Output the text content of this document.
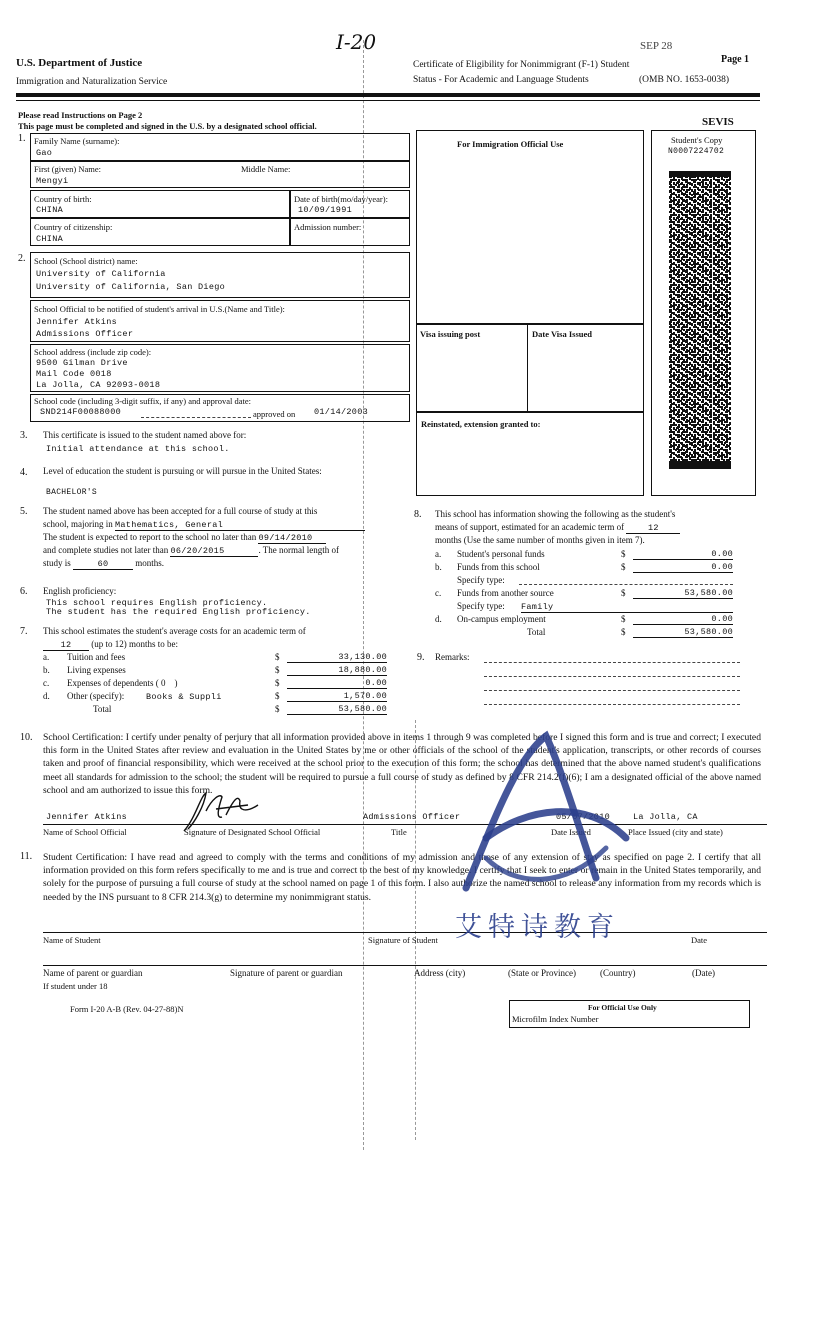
I-20	SEP 28
U.S. Department of Justice
Immigration and Naturalization Service
Certificate of Eligibility for Nonimmigrant (F-1) Student
Status - For Academic and Language Students	(OMB NO. 1653-0038)
Page 1
Please read Instructions on Page 2
This page must be completed and signed in the U.S. by a designated school official.	SEVIS
1. Family Name (surname):
Gao
First (given) Name:	Middle Name:
Mengyi
Country of birth:
CHINA
Date of birth(mo/day/year):
10/09/1991
Country of citizenship:
CHINA
Admission number:
2. School (School district) name:
University of California
University of California, San Diego
School Official to be notified of student's arrival in U.S.(Name and Title):
Jennifer Atkins
Admissions Officer
School address (include zip code):
9500 Gilman Drive
Mail Code 0018
La Jolla, CA 92093-0018
School code (including 3-digit suffix, if any) and approval date:
SND214F00088000	approved on 01/14/2003
For Immigration Official Use
Visa issuing post	Date Visa Issued
Reinstated, extension granted to:
Student's Copy
N0007224702
3. This certificate is issued to the student named above for:
Initial attendance at this school.
4. Level of education the student is pursuing or will pursue in the United States:
BACHELOR'S
5. The student named above has been accepted for a full course of study at this
school, majoring in Mathematics, General
The student is expected to report to the school no later than 09/14/2010
and complete studies not later than 06/20/2015	. The normal length of
study is	60	months.
6. English proficiency:
This school requires English proficiency.
The student has the required English proficiency.
7. This school estimates the student's average costs for an academic term of
12 (up to 12) months to be:
a. Tuition and fees	$	33,130.00
b. Living expenses	$	18,880.00
c. Expenses of dependents ( 0    )	$	0.00
d. Other (specify):	Books & Suppli	$	1,570.00
Total	$	53,580.00
8. This school has information showing the following as the student's
means of support, estimated for an academic term of	12
months (Use the same number of months given in item 7).
a. Student's personal funds	$	0.00
b. Funds from this school	$	0.00
Specify type:
c. Funds from another source	$	53,580.00
Specify type: Family
d. On-campus employment	$	0.00
Total	$	53,580.00
9. Remarks:
10. School Certification: I certify under penalty of perjury that all information provided above in items 1 through 9 was completed before I signed this form and is true and correct; I executed this form in the United States after review and evaluation in the United States by me or other officials of the school of the student's application, transcripts, or other records of courses taken and proof of financial responsibility, which were received at the school prior to the execution of this form; the school has determined that the above named student's qualifications meet all standards for admission to the school; the student will be required to pursue a full course of study as defined by 8 CFR 214.2(f)(6); I am a designated official of the above named school and am authorized to issue this form.
Jennifer Atkins	Admissions Officer	05/07/2010	La Jolla, CA
Name of School Official	Signature of Designated School Official	Title	Date Issued	Place Issued (city and state)
11. Student Certification: I have read and agreed to comply with the terms and conditions of my admission and those of any extension of stay as specified on page 2. I certify that all information provided on this form refers specifically to me and is true and correct to the best of my knowledge. I certify that I seek to enter or remain in the United States temporarily, and solely for the purpose of pursuing a full course of study at the school named on page 1 of this form. I also authorize the named school to release any information from my records which is needed by the INS pursuant to 8 CFR 214.3(g) to determine my nonimmigrant status.
Name of Student	Signature of Student	Date
Name of parent or guardian	Signature of parent or guardian	Address (city)	(State or Province)	(Country)	(Date)
If student under 18
Form I-20 A-B (Rev. 04-27-88)N	For Official Use Only
Microfilm Index Number
艾特诗教育
